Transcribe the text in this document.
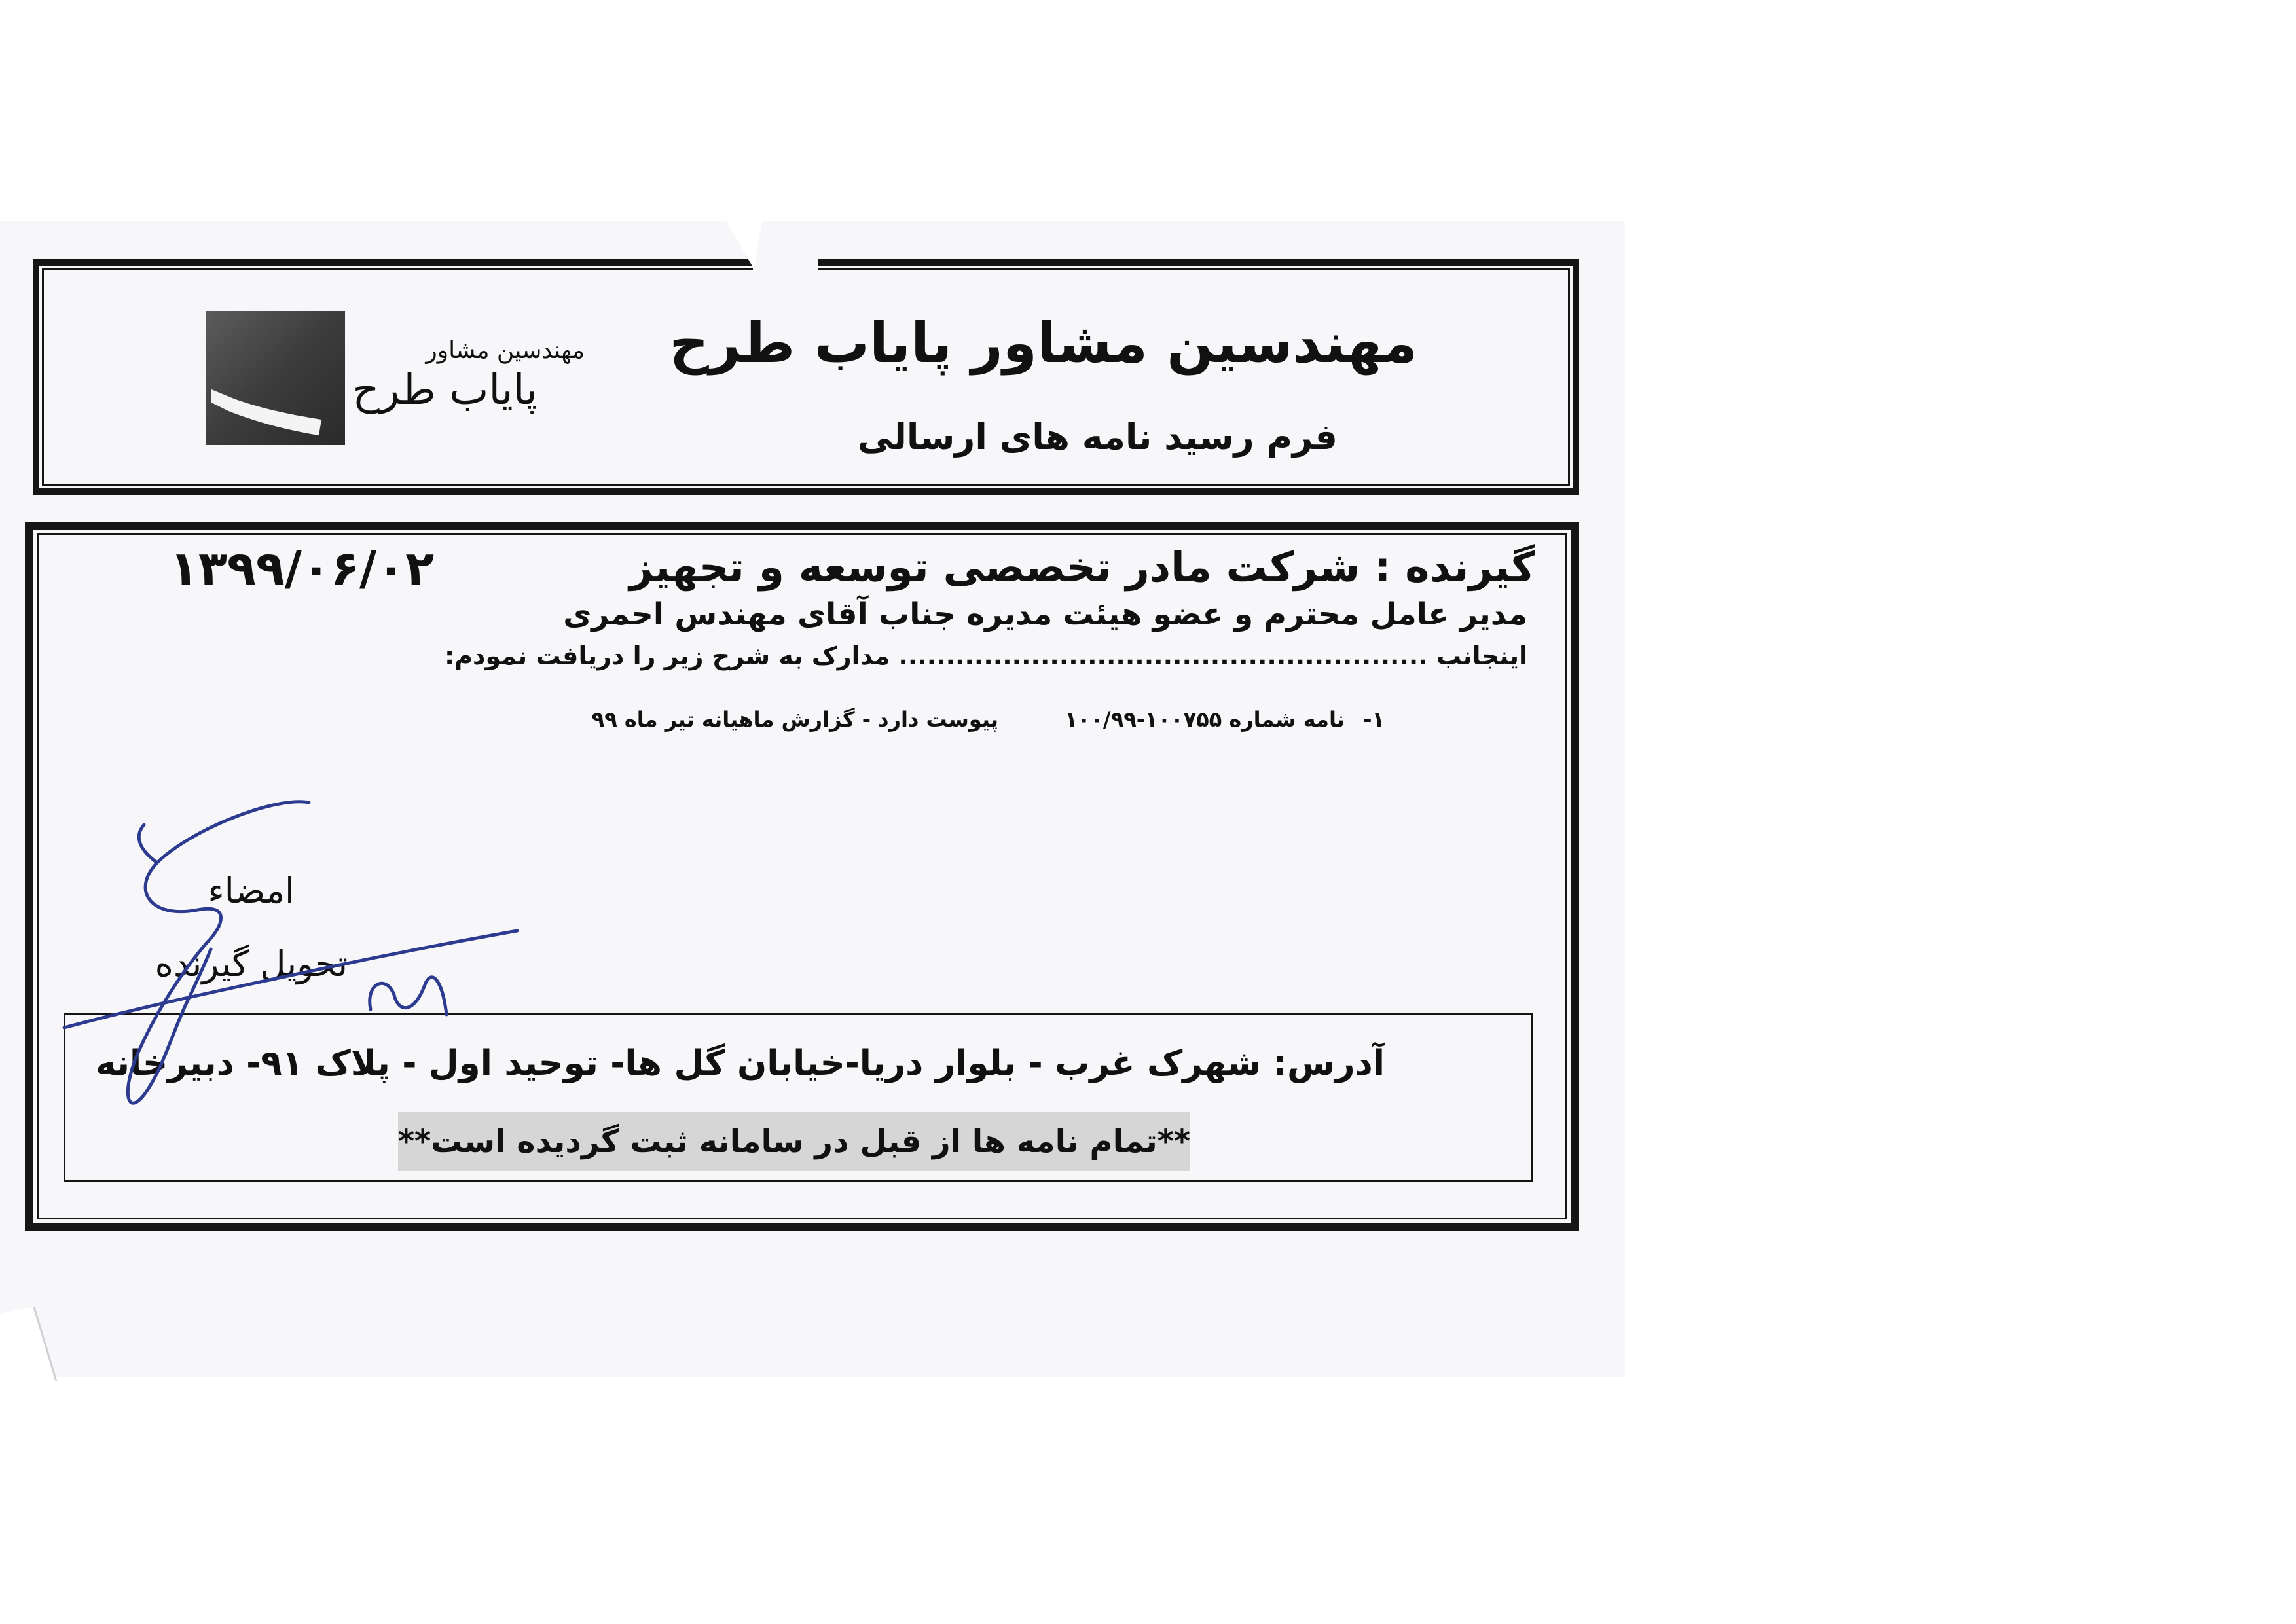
مهندسین مشاور پایاب طرح
فرم رسید نامه های ارسالی
مهندسین مشاور
پایاب طرح
۱۳۹۹/۰۶/۰۲	گیرنده : شرکت مادر تخصصی توسعه و تجهیز
مدیر عامل محترم و عضو هیئت مدیره جناب آقای مهندس احمری
اینجانب ........................................................ مدارک به شرح زیر را دریافت نمودم:
۱-
نامه شماره ۱۰۰/۹۹-۱۰۰۷۵۵
پیوست دارد - گزارش ماهیانه تیر ماه ۹۹
امضاء
تحویل گیرنده
آدرس: شهرک غرب - بلوار دریا-خیابان گل ها- توحید اول - پلاک ۹۱- دبیرخانه
**تمام نامه ها از قبل در سامانه ثبت گردیده است**
